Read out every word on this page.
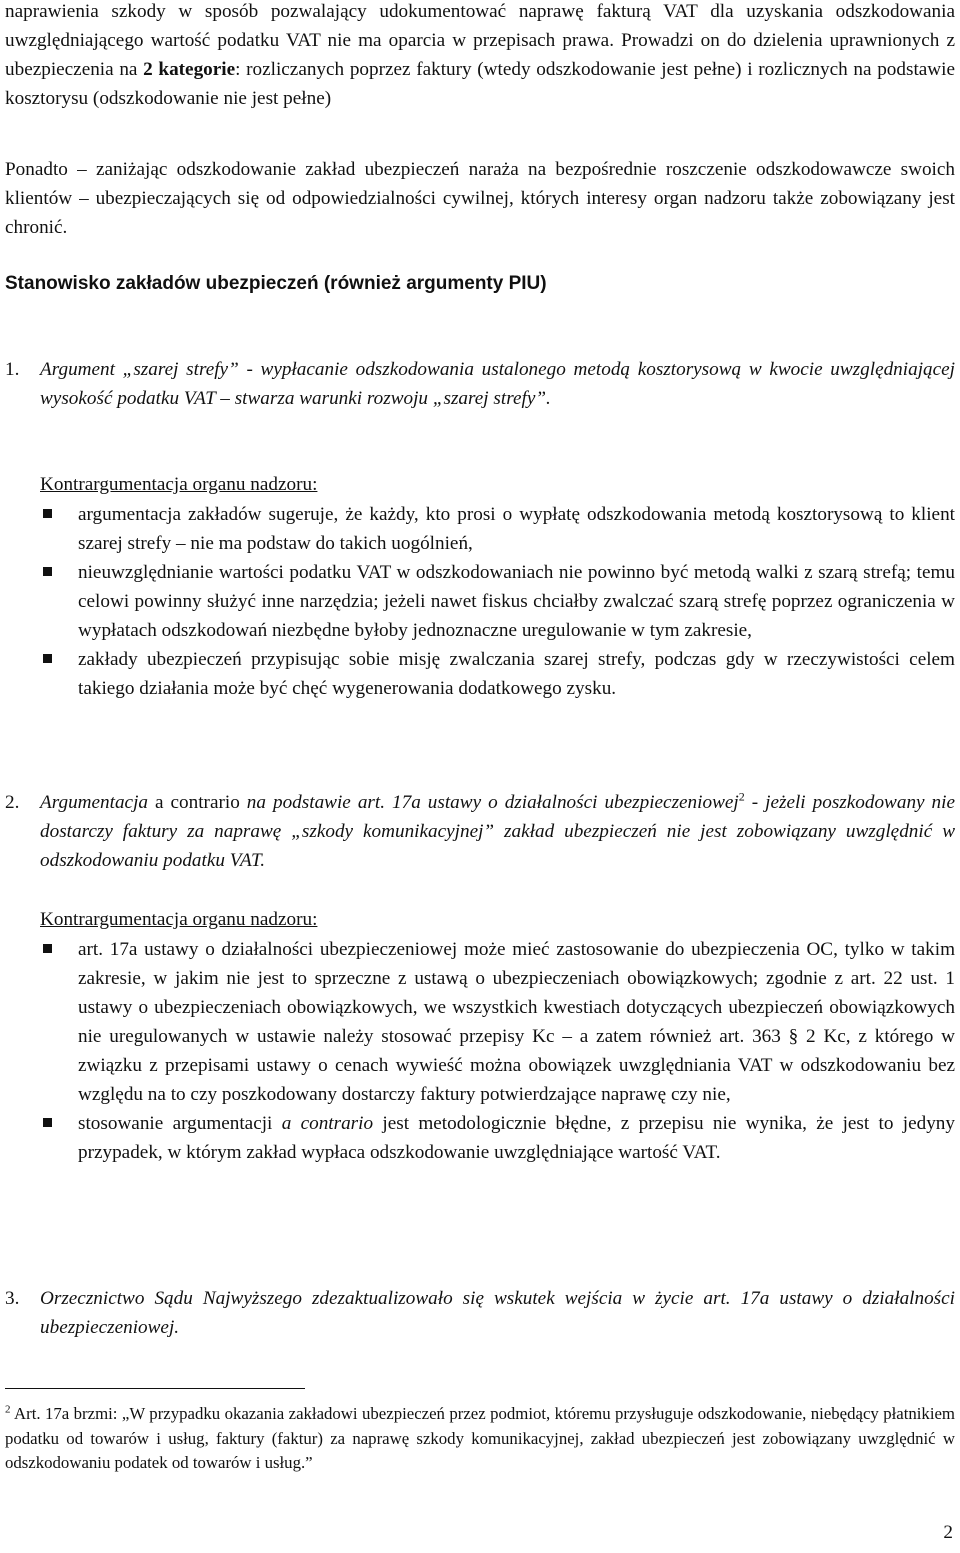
naprawienia szkody w sposób pozwalający udokumentować naprawę fakturą VAT dla uzyskania odszkodowania uwzględniającego wartość podatku VAT nie ma oparcia w przepisach prawa. Prowadzi on do dzielenia uprawnionych z ubezpieczenia na 2 kategorie: rozliczanych poprzez faktury (wtedy odszkodowanie jest pełne) i rozlicznych na podstawie kosztorysu (odszkodowanie nie jest pełne)

Ponadto – zaniżając odszkodowanie zakład ubezpieczeń naraża na bezpośrednie roszczenie odszkodowawcze swoich klientów – ubezpieczających się od odpowiedzialności cywilnej, których interesy organ nadzoru także zobowiązany jest chronić.

Stanowisko zakładów ubezpieczeń (również argumenty PIU)
1. Argument „szarej strefy” - wypłacanie odszkodowania ustalonego metodą kosztorysową w kwocie uwzględniającej wysokość podatku VAT – stwarza warunki rozwoju „szarej strefy”.

Kontrargumentacja organu nadzoru:

argumentacja zakładów sugeruje, że każdy, kto prosi o wypłatę odszkodowania metodą kosztorysową to klient szarej strefy – nie ma podstaw do takich uogólnień,
nieuwzględnianie wartości podatku VAT w odszkodowaniach nie powinno być metodą walki z szarą strefą; temu celowi powinny służyć inne narzędzia; jeżeli nawet fiskus chciałby zwalczać szarą strefę poprzez ograniczenia w wypłatach odszkodowań niezbędne byłoby jednoznaczne uregulowanie w tym zakresie,
zakłady ubezpieczeń przypisując sobie misję zwalczania szarej strefy, podczas gdy w rzeczywistości celem takiego działania może być chęć wygenerowania dodatkowego zysku.
2. Argumentacja a contrario na podstawie art. 17a ustawy o działalności ubezpieczeniowej$^2$ - jeżeli poszkodowany nie dostarczy faktury za naprawę „szkody komunikacyjnej” zakład ubezpieczeń nie jest zobowiązany uwzględnić w odszkodowaniu podatku VAT.

Kontrargumentacja organu nadzoru:

art. 17a ustawy o działalności ubezpieczeniowej może mieć zastosowanie do ubezpieczenia OC, tylko w takim zakresie, w jakim nie jest to sprzeczne z ustawą o ubezpieczeniach obowiązkowych; zgodnie z art. 22 ust. 1 ustawy o ubezpieczeniach obowiązkowych, we wszystkich kwestiach dotyczących ubezpieczeń obowiązkowych nie uregulowanych w ustawie należy stosować przepisy Kc – a zatem również art. 363 § 2 Kc, z którego w związku z przepisami ustawy o cenach wywieść można obowiązek uwzględniania VAT w odszkodowaniu bez względu na to czy poszkodowany dostarczy faktury potwierdzające naprawę czy nie,
stosowanie argumentacji a contrario jest metodologicznie błędne, z przepisu nie wynika, że jest to jedyny przypadek, w którym zakład wypłaca odszkodowanie uwzględniające wartość VAT.
3. Orzecznictwo Sądu Najwyższego zdezaktualizowało się wskutek wejścia w życie art. 17a ustawy o działalności ubezpieczeniowej.

$^2$ Art. 17a brzmi: „W przypadku okazania zakładowi ubezpieczeń przez podmiot, któremu przysługuje odszkodowanie, niebędący płatnikiem podatku od towarów i usług, faktury (faktur) za naprawę szkody komunikacyjnej, zakład ubezpieczeń jest zobowiązany uwzględnić w odszkodowaniu podatek od towarów i usług.”

2
